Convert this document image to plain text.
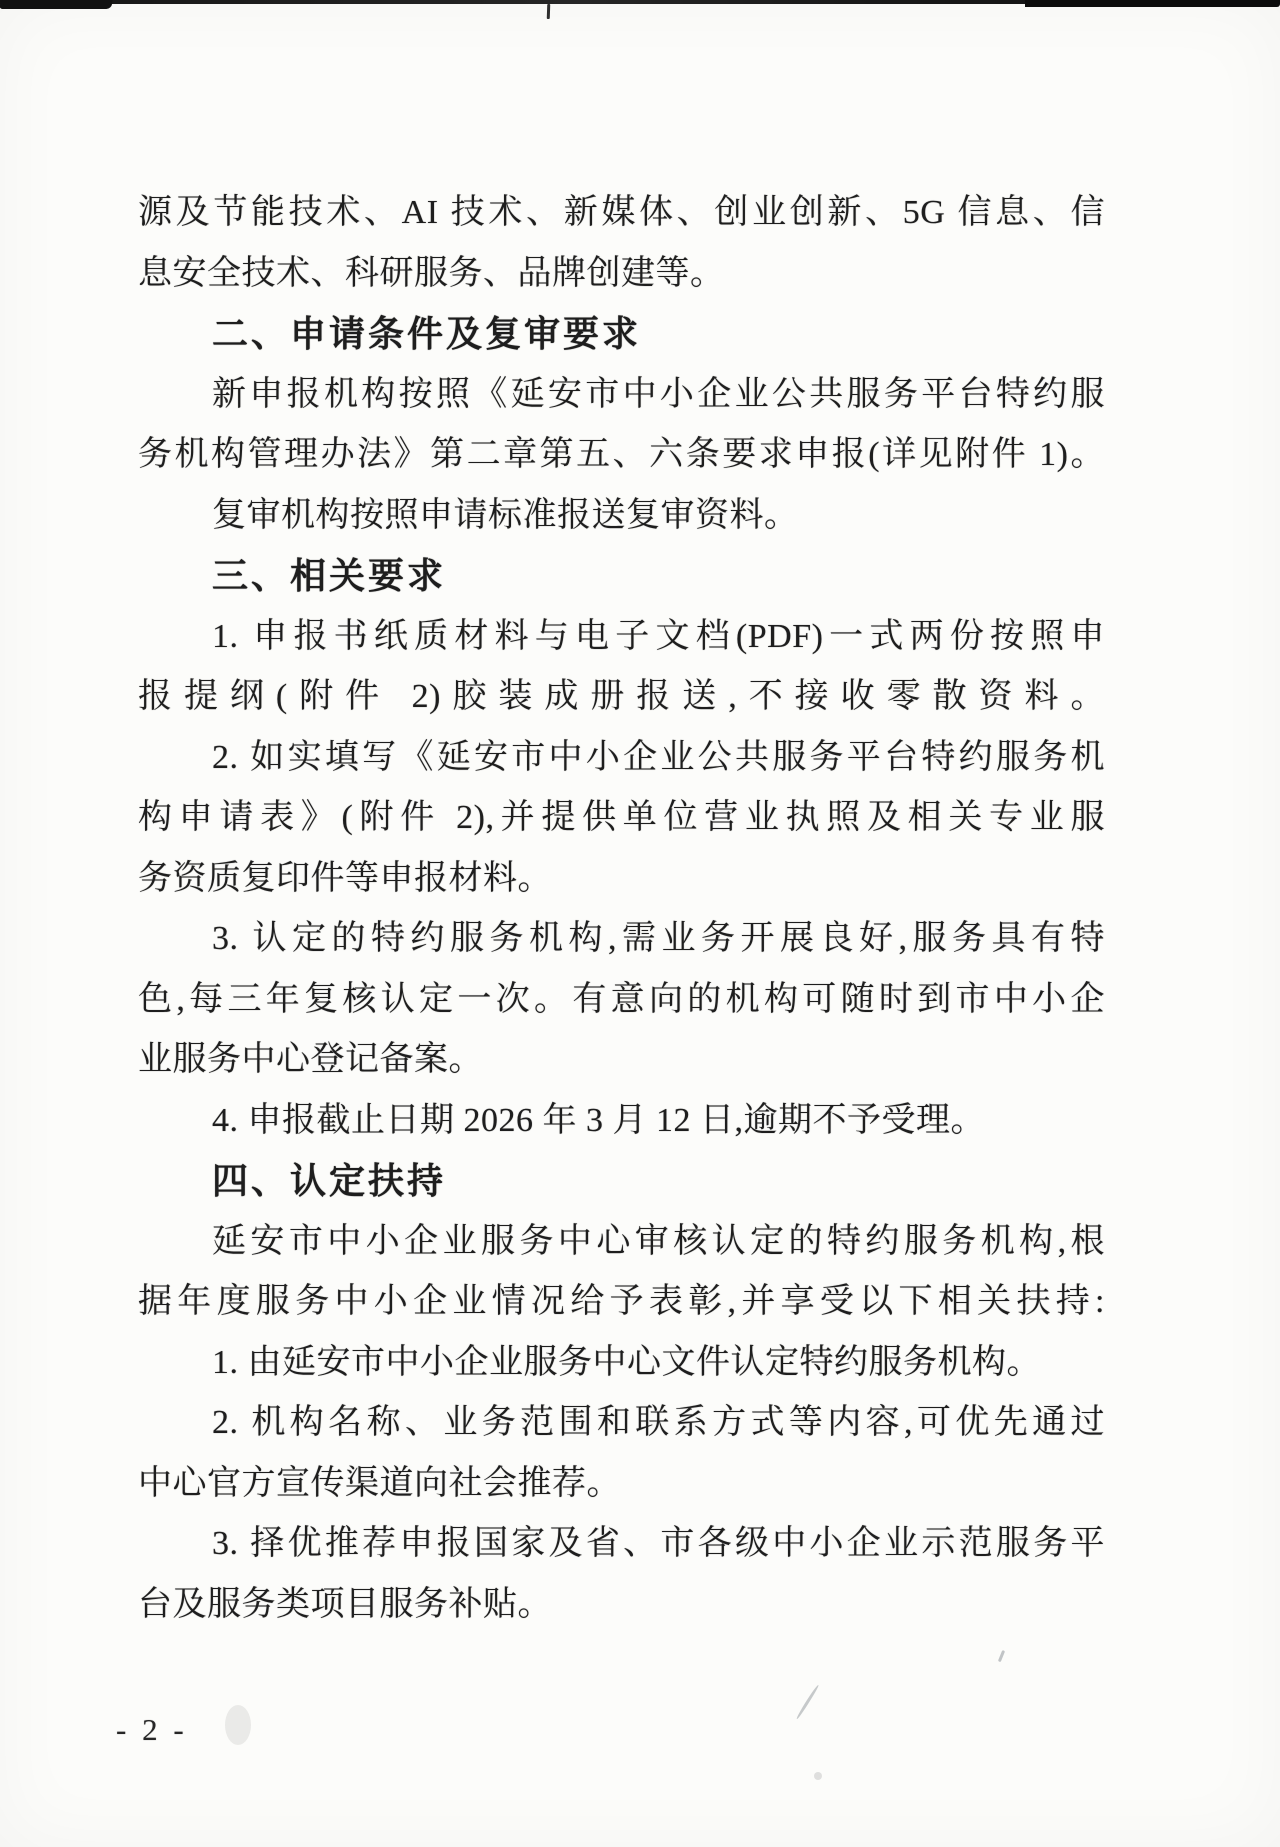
源及节能技术、AI 技术、新媒体、创业创新、5G 信息、信
息安全技术、科研服务、品牌创建等。
二、申请条件及复审要求
新申报机构按照《延安市中小企业公共服务平台特约服
务机构管理办法》第二章第五、六条要求申报(详见附件 1)。
复审机构按照申请标准报送复审资料。
三、相关要求
1. 申报书纸质材料与电子文档(PDF)一式两份按照申
报提纲(附件 2)胶装成册报送,不接收零散资料。
2. 如实填写《延安市中小企业公共服务平台特约服务机
构申请表》(附件 2),并提供单位营业执照及相关专业服
务资质复印件等申报材料。
3. 认定的特约服务机构,需业务开展良好,服务具有特
色,每三年复核认定一次。有意向的机构可随时到市中小企
业服务中心登记备案。
4. 申报截止日期 2026 年 3 月 12 日,逾期不予受理。
四、认定扶持
延安市中小企业服务中心审核认定的特约服务机构,根
据年度服务中小企业情况给予表彰,并享受以下相关扶持:
1. 由延安市中小企业服务中心文件认定特约服务机构。
2. 机构名称、业务范围和联系方式等内容,可优先通过
中心官方宣传渠道向社会推荐。
3. 择优推荐申报国家及省、市各级中小企业示范服务平
台及服务类项目服务补贴。
- 2 -
